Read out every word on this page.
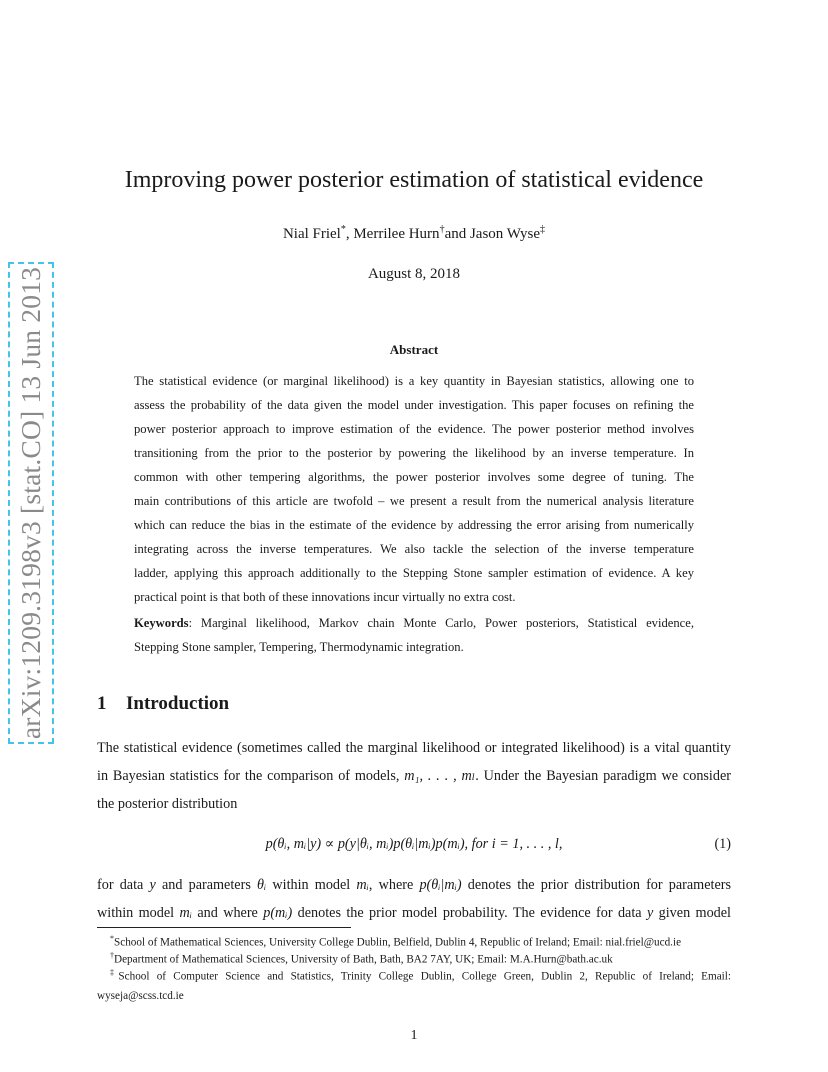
arXiv:1209.3198v3 [stat.CO] 13 Jun 2013
Improving power posterior estimation of statistical evidence
Nial Friel*, Merrilee Hurn†and Jason Wyse‡
August 8, 2018
Abstract
The statistical evidence (or marginal likelihood) is a key quantity in Bayesian statistics, allowing one to
assess the probability of the data given the model under investigation. This paper focuses on refining the
power posterior approach to improve estimation of the evidence. The power posterior method involves
transitioning from the prior to the posterior by powering the likelihood by an inverse temperature. In
common with other tempering algorithms, the power posterior involves some degree of tuning. The
main contributions of this article are twofold – we present a result from the numerical analysis literature
which can reduce the bias in the estimate of the evidence by addressing the error arising from numerically
integrating across the inverse temperatures. We also tackle the selection of the inverse temperature
ladder, applying this approach additionally to the Stepping Stone sampler estimation of evidence. A key
practical point is that both of these innovations incur virtually no extra cost.
Keywords: Marginal likelihood, Markov chain Monte Carlo, Power posteriors, Statistical evidence,
Stepping Stone sampler, Tempering, Thermodynamic integration.
1 Introduction
The statistical evidence (sometimes called the marginal likelihood or integrated likelihood) is a vital quantity
in Bayesian statistics for the comparison of models, m₁, . . . , mₗ. Under the Bayesian paradigm we consider
the posterior distribution
p(θᵢ, mᵢ|y) ∝ p(y|θᵢ, mᵢ)p(θᵢ|mᵢ)p(mᵢ), for i = 1, . . . , l,	(1)
for data y and parameters θᵢ within model mᵢ, where p(θᵢ|mᵢ) denotes the prior distribution for parameters
within model mᵢ and where p(mᵢ) denotes the prior model probability. The evidence for data y given model
*School of Mathematical Sciences, University College Dublin, Belfield, Dublin 4, Republic of Ireland; Email: nial.friel@ucd.ie
†Department of Mathematical Sciences, University of Bath, Bath, BA2 7AY, UK; Email: M.A.Hurn@bath.ac.uk
‡School of Computer Science and Statistics, Trinity College Dublin, College Green, Dublin 2, Republic of Ireland; Email:
wyseja@scss.tcd.ie
1
